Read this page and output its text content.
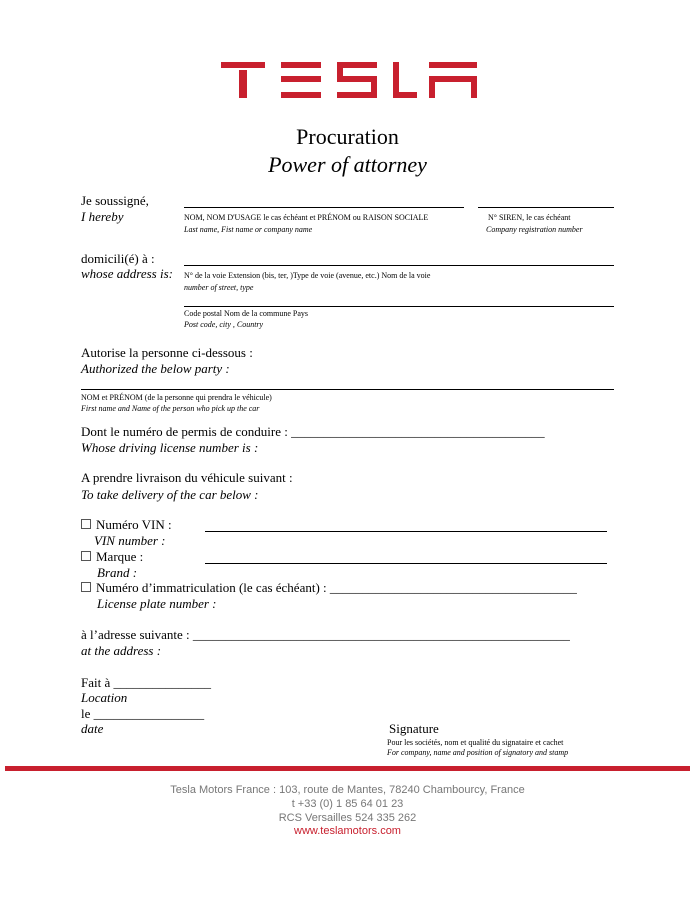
Procuration
Power of attorney
Je soussigné,
I hereby	NOM, NOM D'USAGE le cas échéant et PRÉNOM ou RAISON SOCIALE
Last name, Fist name or company name
N° SIREN, le cas échéant
Company registration number
domicili(é) à :
whose address is: N° de la voie Extension (bis, ter, )Type de voie (avenue, etc.) Nom de la voie
number of street, type
Code postal Nom de la commune Pays
Post code, city , Country
Autorise la personne ci-dessous :
Authorized the below party :
NOM et PRÉNOM (de la personne qui prendra le véhicule)
First name and Name of the person who pick up the car
Dont le numéro de permis de conduire : _______________________________________
Whose driving license number is :
A prendre livraison du véhicule suivant :
To take delivery of the car below :
Numéro VIN :
VIN number :
Marque :
Brand :
Numéro d’immatriculation (le cas échéant) : ______________________________________
License plate number :
à l’adresse suivante : __________________________________________________________
at the address :
Fait à _______________
Location
le _________________
date	Signature
Pour les sociétés, nom et qualité du signataire et cachet
For company, name and position of signatory and stamp
Tesla Motors France : 103, route de Mantes, 78240 Chambourcy, France
t +33 (0) 1 85 64 01 23
RCS Versailles 524 335 262
www.teslamotors.com
